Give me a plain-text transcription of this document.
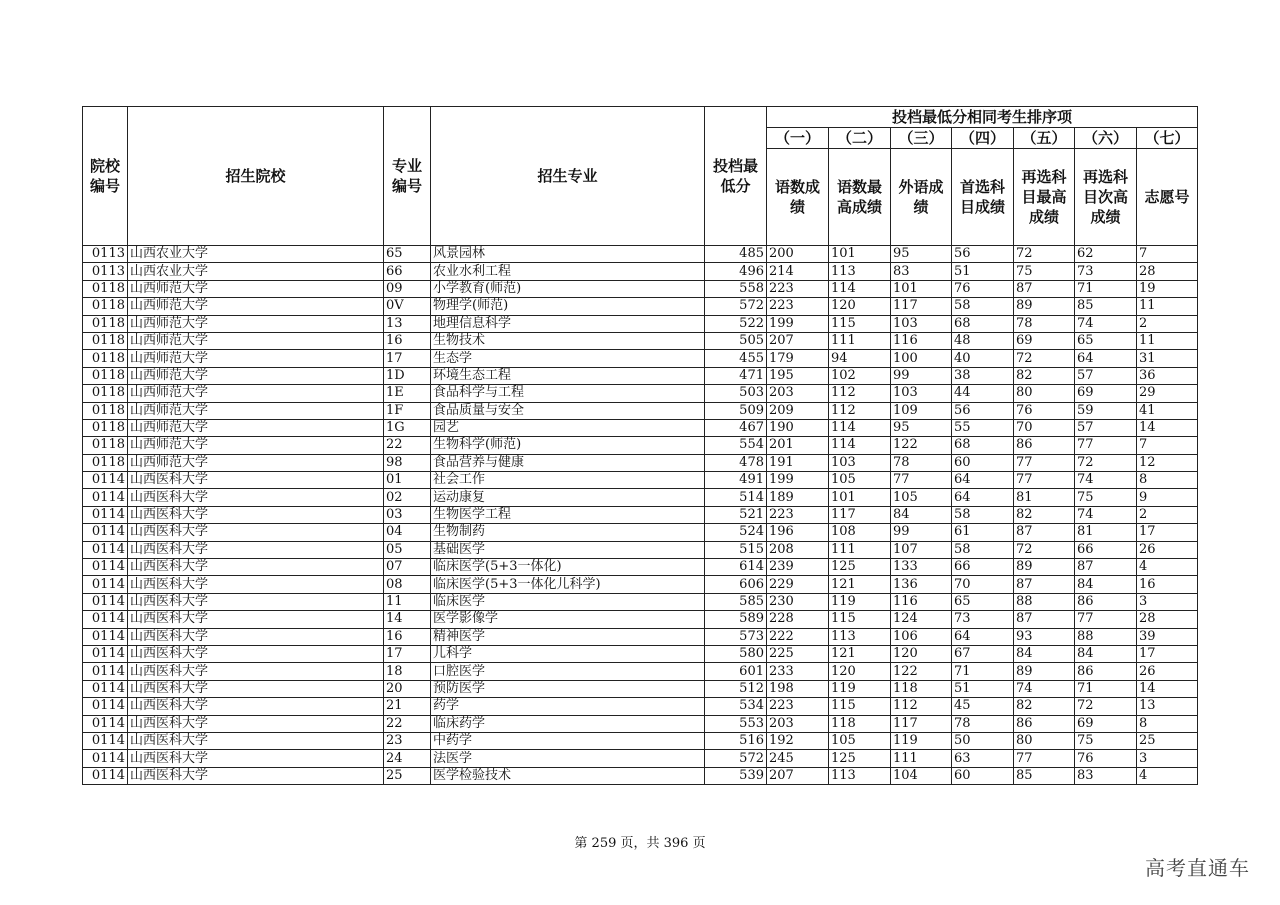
院校编号	招生院校	专业编号	招生专业	投档最低分	投档最低分相同考生排序项						
					（一）	（二）	（三）	（四）	（五）	（六）	（七）
					语数成绩	语数最高成绩	外语成绩	首选科目成绩	再选科目最高成绩	再选科目次高成绩	志愿号
0113	山西农业大学	65	风景园林	485	200	101	95	56	72	62	7
0113	山西农业大学	66	农业水利工程	496	214	113	83	51	75	73	28
0118	山西师范大学	09	小学教育(师范)	558	223	114	101	76	87	71	19
0118	山西师范大学	0V	物理学(师范)	572	223	120	117	58	89	85	11
0118	山西师范大学	13	地理信息科学	522	199	115	103	68	78	74	2
0118	山西师范大学	16	生物技术	505	207	111	116	48	69	65	11
0118	山西师范大学	17	生态学	455	179	94	100	40	72	64	31
0118	山西师范大学	1D	环境生态工程	471	195	102	99	38	82	57	36
0118	山西师范大学	1E	食品科学与工程	503	203	112	103	44	80	69	29
0118	山西师范大学	1F	食品质量与安全	509	209	112	109	56	76	59	41
0118	山西师范大学	1G	园艺	467	190	114	95	55	70	57	14
0118	山西师范大学	22	生物科学(师范)	554	201	114	122	68	86	77	7
0118	山西师范大学	98	食品营养与健康	478	191	103	78	60	77	72	12
0114	山西医科大学	01	社会工作	491	199	105	77	64	77	74	8
0114	山西医科大学	02	运动康复	514	189	101	105	64	81	75	9
0114	山西医科大学	03	生物医学工程	521	223	117	84	58	82	74	2
0114	山西医科大学	04	生物制药	524	196	108	99	61	87	81	17
0114	山西医科大学	05	基础医学	515	208	111	107	58	72	66	26
0114	山西医科大学	07	临床医学(5+3一体化)	614	239	125	133	66	89	87	4
0114	山西医科大学	08	临床医学(5+3一体化儿科学)	606	229	121	136	70	87	84	16
0114	山西医科大学	11	临床医学	585	230	119	116	65	88	86	3
0114	山西医科大学	14	医学影像学	589	228	115	124	73	87	77	28
0114	山西医科大学	16	精神医学	573	222	113	106	64	93	88	39
0114	山西医科大学	17	儿科学	580	225	121	120	67	84	84	17
0114	山西医科大学	18	口腔医学	601	233	120	122	71	89	86	26
0114	山西医科大学	20	预防医学	512	198	119	118	51	74	71	14
0114	山西医科大学	21	药学	534	223	115	112	45	82	72	13
0114	山西医科大学	22	临床药学	553	203	118	117	78	86	69	8
0114	山西医科大学	23	中药学	516	192	105	119	50	80	75	25
0114	山西医科大学	24	法医学	572	245	125	111	63	77	76	3
0114	山西医科大学	25	医学检验技术	539	207	113	104	60	85	83	4
第 259 页，共 396 页
高考直通车
